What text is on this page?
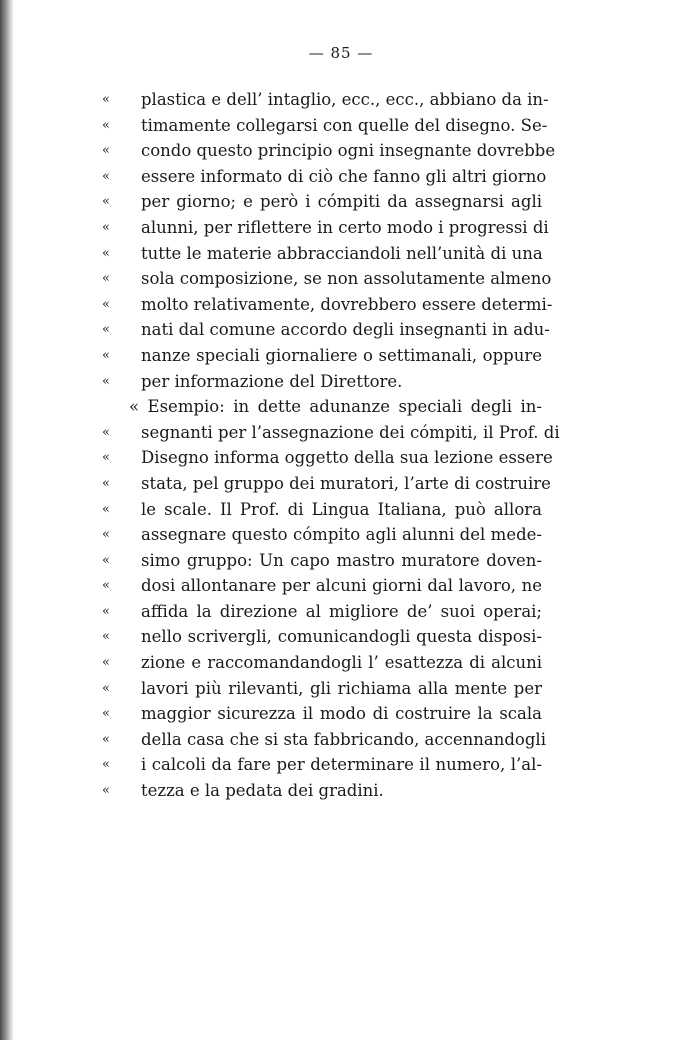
— 85 —
« plastica e dell’ intaglio, ecc., ecc., abbiano da in-
« timamente collegarsi con quelle del disegno. Se-
« condo questo principio ogni insegnante dovrebbe
« essere informato di ciò che fanno gli altri giorno
« per giorno; e però i cómpiti da assegnarsi agli
« alunni, per riflettere in certo modo i progressi di
« tutte le materie abbracciandoli nell’unità di una
« sola composizione, se non assolutamente almeno
« molto relativamente, dovrebbero essere determi-
« nati dal comune accordo degli insegnanti in adu-
« nanze speciali giornaliere o settimanali, oppure
« per informazione del Direttore.
« Esempio: in dette adunanze speciali degli in-
« segnanti per l’assegnazione dei cómpiti, il Prof. di
« Disegno informa oggetto della sua lezione essere
« stata, pel gruppo dei muratori, l’arte di costruire
« le scale. Il Prof. di Lingua Italiana, può allora
« assegnare questo cómpito agli alunni del mede-
« simo gruppo: Un capo mastro muratore doven-
« dosi allontanare per alcuni giorni dal lavoro, ne
« affida la direzione al migliore de’ suoi operai;
« nello scrivergli, comunicandogli questa disposi-
« zione e raccomandandogli l’ esattezza di alcuni
« lavori più rilevanti, gli richiama alla mente per
« maggior sicurezza il modo di costruire la scala
« della casa che si sta fabbricando, accennandogli
« i calcoli da fare per determinare il numero, l’al-
« tezza e la pedata dei gradini.
